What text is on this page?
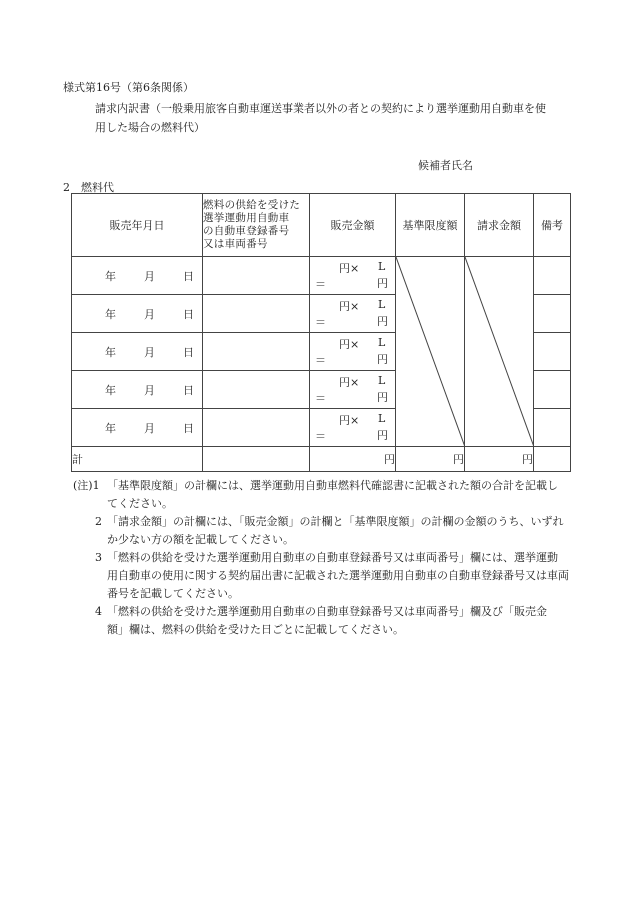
様式第16号（第6条関係）
請求内訳書（一般乗用旅客自動車運送事業者以外の者との契約により選挙運動用自動車を使
用した場合の燃料代）
候補者氏名
2　燃料代
販売年月日	燃料の供給を受けた
選挙運動用自動車
の自動車登録番号
又は車両番号	販売金額	基準限度額	請求金額	備考

年 月 日		円× L
＝ 円

年 月 日		円× L
＝ 円			

年 月 日		円× L
＝ 円			

年 月 日		円× L
＝ 円			

年 月 日		円× L
＝ 円			

計		円	円	円	
(注)1 「基準限度額」の計欄には、選挙運動用自動車燃料代確認書に記載された額の合計を記載し
てください。
2 「請求金額」の計欄には、「販売金額」の計欄と「基準限度額」の計欄の金額のうち、いずれ
か少ない方の額を記載してください。
3 「燃料の供給を受けた選挙運動用自動車の自動車登録番号又は車両番号」欄には、選挙運動
用自動車の使用に関する契約届出書に記載された選挙運動用自動車の自動車登録番号又は車両
番号を記載してください。
4 「燃料の供給を受けた選挙運動用自動車の自動車登録番号又は車両番号」欄及び「販売金
額」欄は、燃料の供給を受けた日ごとに記載してください。
